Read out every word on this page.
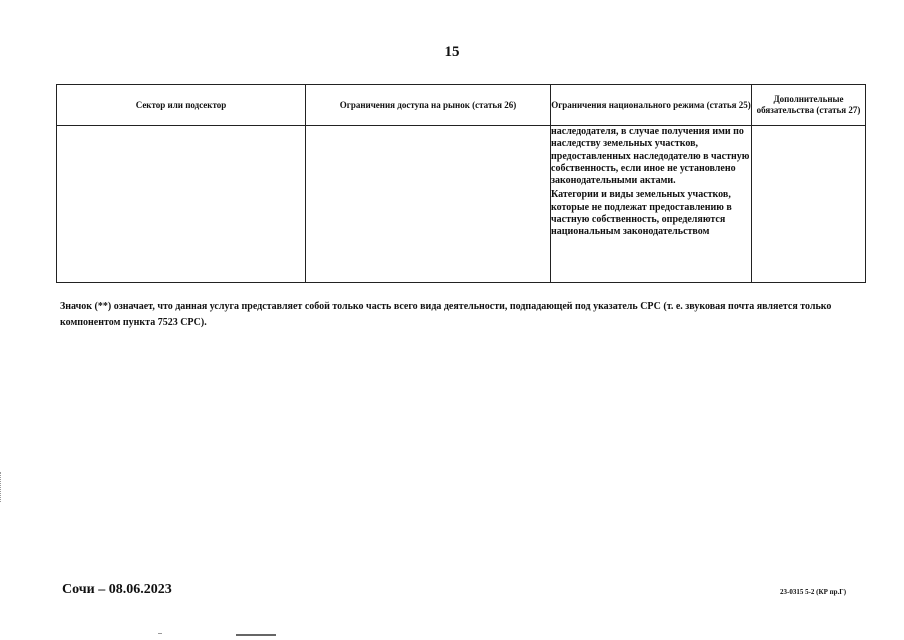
15
Сектор или подсектор	Ограничения доступа на рынок (статья 26)	Ограничения национального режима (статья 25)	Дополнительные обязательства (статья 27)

		наследодателя, в случае получения ими по наследству земельных участков, предоставленных наследодателю в частную собственность, если иное не установлено законодательными актами.

Категории и виды земельных участков, которые не подлежат предоставлению в частную собственность, определяются национальным законодательством	

Значок (**) означает, что данная услуга представляет собой только часть всего вида деятельности, подпадающей под указатель СРС (т. е. звуковая почта является только компонентом пункта 7523 СРС).
Сочи – 08.06.2023	23-0315 5-2 (КР пр.Г)
